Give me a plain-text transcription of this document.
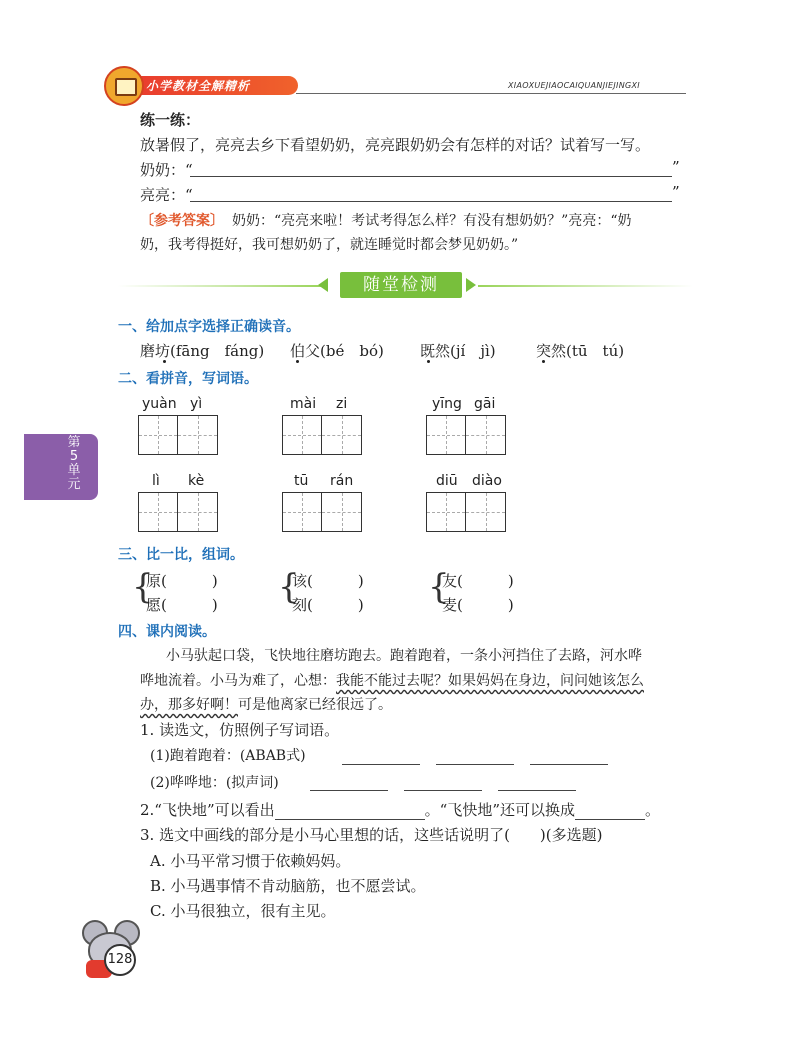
小学教材全解精析	XIAOXUEJIAOCAIQUANJIEJINGXI
第5单元
练一练：
放暑假了，亮亮去乡下看望奶奶，亮亮跟奶奶会有怎样的对话？试着写一写。
奶奶：“	”
亮亮：“	”
〔参考答案〕 奶奶：“亮亮来啦！考试考得怎么样？有没有想奶奶？”亮亮：“奶
奶，我考得挺好，我可想奶奶了，就连睡觉时都会梦见奶奶。”
随堂检测
一、给加点字选择正确读音。
磨坊(fāng　fáng) 伯父(bé　bó) 既然(jí　jì)	突然(tū　tú)
二、看拼音，写词语。
yuàn yì	mài zi	yīng gāi
lì kè	tū rán	diū diào
三、比一比，组词。
{
原(　　　)
愿(　　　) {
该(　　　)
刻(　　　) {
友(　　　)
麦(　　　)
四、课内阅读。
小马驮起口袋，飞快地往磨坊跑去。跑着跑着，一条小河挡住了去路，河水哗
哗地流着。小马为难了，心想：我能不能过去呢？如果妈妈在身边，问问她该怎么
办，那多好啊！可是他离家已经很远了。
1. 读选文，仿照例子写词语。
(1)跑着跑着：(ABAB式)
(2)哗哗地：(拟声词)
2.“飞快地”可以看出	。“飞快地”还可以换成	。
3. 选文中画线的部分是小马心里想的话，这些话说明了(　　)(多选题)
A. 小马平常习惯于依赖妈妈。
B. 小马遇事情不肯动脑筋，也不愿尝试。
C. 小马很独立，很有主见。
128
